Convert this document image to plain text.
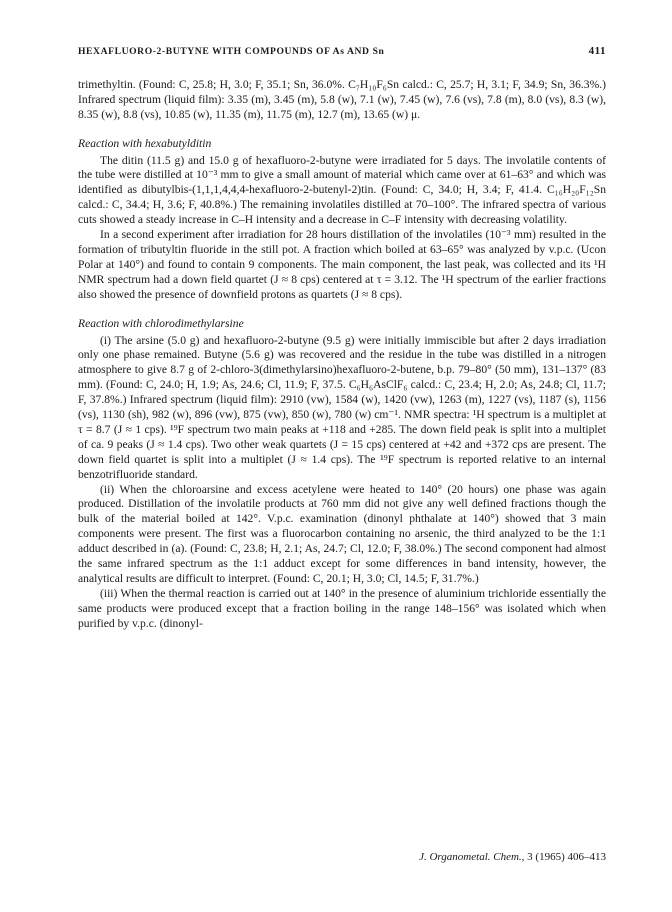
HEXAFLUORO-2-BUTYNE WITH COMPOUNDS OF As AND Sn	411

trimethyltin. (Found: C, 25.8; H, 3.0; F, 35.1; Sn, 36.0%. C₇H₁₀F₆Sn calcd.: C, 25.7; H, 3.1; F, 34.9; Sn, 36.3%.) Infrared spectrum (liquid film): 3.35 (m), 3.45 (m), 5.8 (w), 7.1 (w), 7.45 (w), 7.6 (vs), 7.8 (m), 8.0 (vs), 8.3 (w), 8.35 (w), 8.8 (vs), 10.85 (w), 11.35 (m), 11.75 (m), 12.7 (m), 13.65 (w) μ.

Reaction with hexabutylditin

The ditin (11.5 g) and 15.0 g of hexafluoro-2-butyne were irradiated for 5 days. The involatile contents of the tube were distilled at 10⁻³ mm to give a small amount of material which came over at 61–63° and which was identified as dibutylbis-(1,1,1,4,4,4-hexafluoro-2-butenyl-2)tin. (Found: C, 34.0; H, 3.4; F, 41.4. C₁₆H₂₀F₁₂Sn calcd.: C, 34.4; H, 3.6; F, 40.8%.) The remaining involatiles distilled at 70–100°. The infrared spectra of various cuts showed a steady increase in C–H intensity and a decrease in C–F intensity with decreasing volatility.

In a second experiment after irradiation for 28 hours distillation of the involatiles (10⁻³ mm) resulted in the formation of tributyltin fluoride in the still pot. A fraction which boiled at 63–65° was analyzed by v.p.c. (Ucon Polar at 140°) and found to contain 9 components. The main component, the last peak, was collected and its ¹H NMR spectrum had a down field quartet (J ≈ 8 cps) centered at τ = 3.12. The ¹H spectrum of the earlier fractions also showed the presence of downfield protons as quartets (J ≈ 8 cps).

Reaction with chlorodimethylarsine

(i) The arsine (5.0 g) and hexafluoro-2-butyne (9.5 g) were initially immiscible but after 2 days irradiation only one phase remained. Butyne (5.6 g) was recovered and the residue in the tube was distilled in a nitrogen atmosphere to give 8.7 g of 2-chloro-3(dimethylarsino)hexafluoro-2-butene, b.p. 79–80° (50 mm), 131–137° (83 mm). (Found: C, 24.0; H, 1.9; As, 24.6; Cl, 11.9; F, 37.5. C₆H₆AsClF₆ calcd.: C, 23.4; H, 2.0; As, 24.8; Cl, 11.7; F, 37.8%.) Infrared spectrum (liquid film): 2910 (vw), 1584 (w), 1420 (vw), 1263 (m), 1227 (vs), 1187 (s), 1156 (vs), 1130 (sh), 982 (w), 896 (vw), 875 (vw), 850 (w), 780 (w) cm⁻¹. NMR spectra: ¹H spectrum is a multiplet at τ = 8.7 (J ≈ 1 cps). ¹⁹F spectrum two main peaks at +118 and +285. The down field peak is split into a multiplet of ca. 9 peaks (J ≈ 1.4 cps). Two other weak quartets (J = 15 cps) centered at +42 and +372 cps are present. The down field quartet is split into a multiplet (J ≈ 1.4 cps). The ¹⁹F spectrum is reported relative to an internal benzotrifluoride standard.

(ii) When the chloroarsine and excess acetylene were heated to 140° (20 hours) one phase was again produced. Distillation of the involatile products at 760 mm did not give any well defined fractions though the bulk of the material boiled at 142°. V.p.c. examination (dinonyl phthalate at 140°) showed that 3 main components were present. The first was a fluorocarbon containing no arsenic, the third analyzed to be the 1:1 adduct described in (a). (Found: C, 23.8; H, 2.1; As, 24.7; Cl, 12.0; F, 38.0%.) The second component had almost the same infrared spectrum as the 1:1 adduct except for some differences in band intensity, however, the analytical results are difficult to interpret. (Found: C, 20.1; H, 3.0; Cl, 14.5; F, 31.7%.)

(iii) When the thermal reaction is carried out at 140° in the presence of aluminium trichloride essentially the same products were produced except that a fraction boiling in the range 148–156° was isolated which when purified by v.p.c. (dinonyl-

J. Organometal. Chem., 3 (1965) 406–413
